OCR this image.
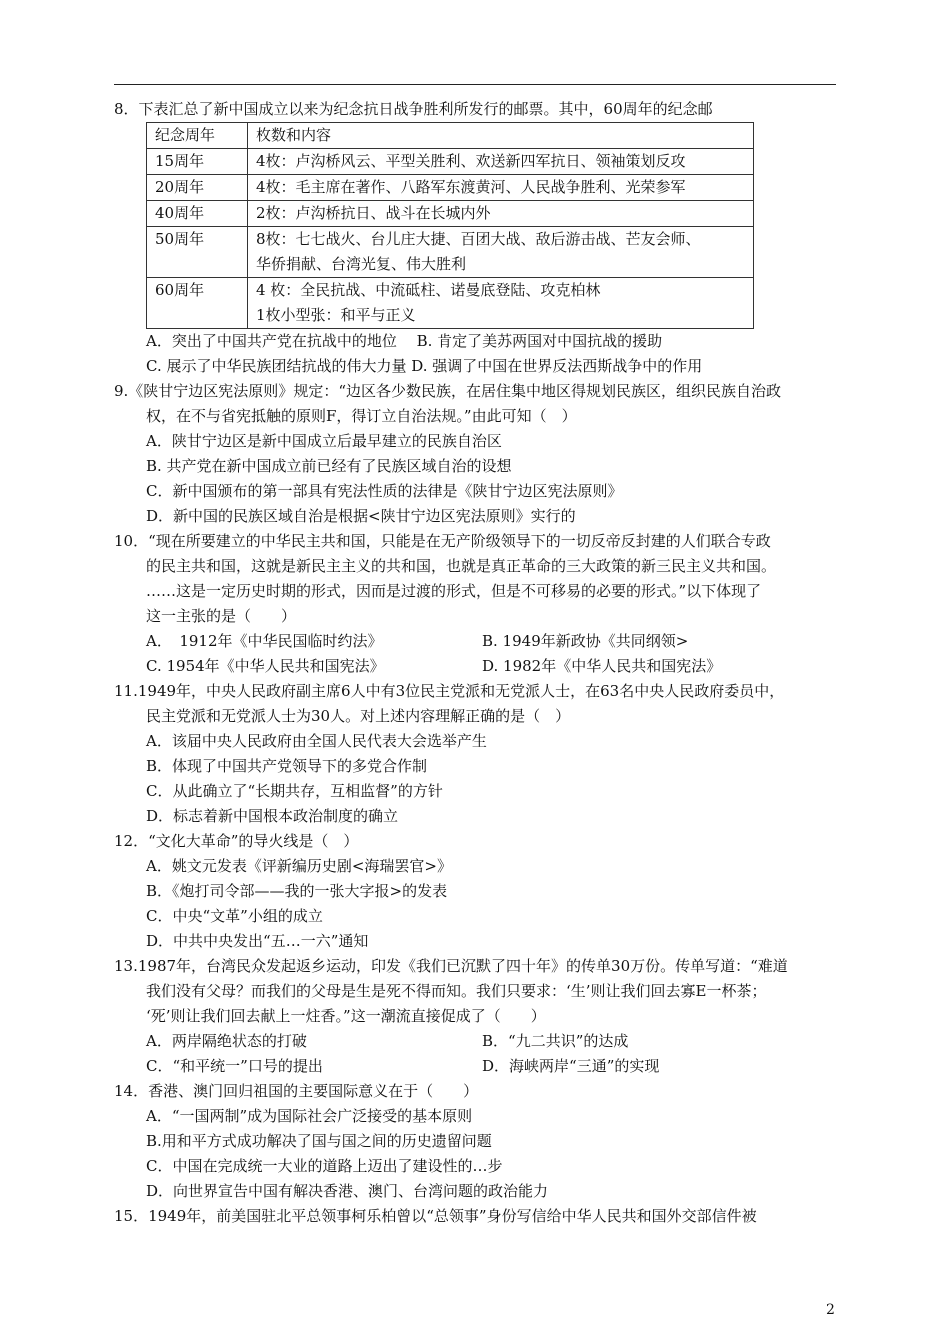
8．下表汇总了新中国成立以来为纪念抗日战争胜利所发行的邮票。其中，60周年的纪念邮
纪念周年	枚数和内容
15周年	4枚：卢沟桥风云、平型关胜利、欢送新四军抗日、领袖策划反攻

20周年	4枚：毛主席在著作、八路军东渡黄河、人民战争胜利、光荣参军

40周年	2枚：卢沟桥抗日、战斗在长城内外

50周年	8枚：七七战火、台儿庄大捷、百团大战、敌后游击战、芒友会师、
华侨捐献、台湾光复、伟大胜利

60周年	4 枚：全民抗战、中流砥柱、诺曼底登陆、攻克柏林
1枚小型张：和平与正义
A．突出了中国共产党在抗战中的地位　 B. 肯定了美苏两国对中国抗战的援助
C. 展示了中华民族团结抗战的伟大力量 D. 强调了中国在世界反法西斯战争中的作用
9.《陕甘宁边区宪法原则》规定：“边区各少数民族，在居住集中地区得规划民族区，组织民族自治政
权，在不与省宪抵触的原则F，得订立自治法规。”由此可知（　）
A．陕甘宁边区是新中国成立后最早建立的民族自治区
B. 共产党在新中国成立前已经有了民族区域自治的设想
C．新中国颁布的第一部具有宪法性质的法律是《陕甘宁边区宪法原则》
D．新中国的民族区域自治是根据<陕甘宁边区宪法原则》实行的
10．“现在所要建立的中华民主共和国，只能是在无产阶级领导下的一切反帝反封建的人们联合专政
的民主共和国，这就是新民主主义的共和国，也就是真正革命的三大政策的新三民主义共和国。
……这是一定历史时期的形式，因而是过渡的形式，但是不可移易的必要的形式。”以下体现了
这一主张的是（　　）
A．　1912年《中华民国临时约法》	B. 1949年新政协《共同纲领>
C. 1954年《中华人民共和国宪法》	D. 1982年《中华人民共和国宪法》
11.1949年，中央人民政府副主席6人中有3位民主党派和无党派人士，在63名中央人民政府委员中，
民主党派和无党派人士为30人。对上述内容理解正确的是（　）
A．该届中央人民政府由全国人民代表大会选举产生
B．体现了中国共产党领导下的多党合作制
C．从此确立了“长期共存，互相监督”的方针
D．标志着新中国根本政治制度的确立
12．“文化大革命”的导火线是（　）
A．姚文元发表《评新编历史剧<海瑞罢官>》
B．《炮打司令部——我的一张大字报>的发表
C．中央“文革”小组的成立
D．中共中央发出“五…一六”通知
13.1987年，台湾民众发起返乡运动，印发《我们已沉默了四十年》的传单30万份。传单写道：“难道
我们没有父母？而我们的父母是生是死不得而知。我们只要求：‘生’则让我们回去寡E一杯茶；
‘死’则让我们回去献上一炷香。”这一潮流直接促成了（　　）
A．两岸隔绝状态的打破	B．“九二共识”的达成
C．“和平统一”口号的提出	D．海峡两岸“三通”的实现
14．香港、澳门回归祖国的主要国际意义在于（　　）
A．“一国两制”成为国际社会广泛接受的基本原则
B.用和平方式成功解决了国与国之间的历史遗留问题
C．中国在完成统一大业的道路上迈出了建设性的…步
D．向世界宣告中国有解决香港、澳门、台湾问题的政治能力
15．1949年，前美国驻北平总领事柯乐柏曾以“总领事”身份写信给中华人民共和国外交部信件被
2
